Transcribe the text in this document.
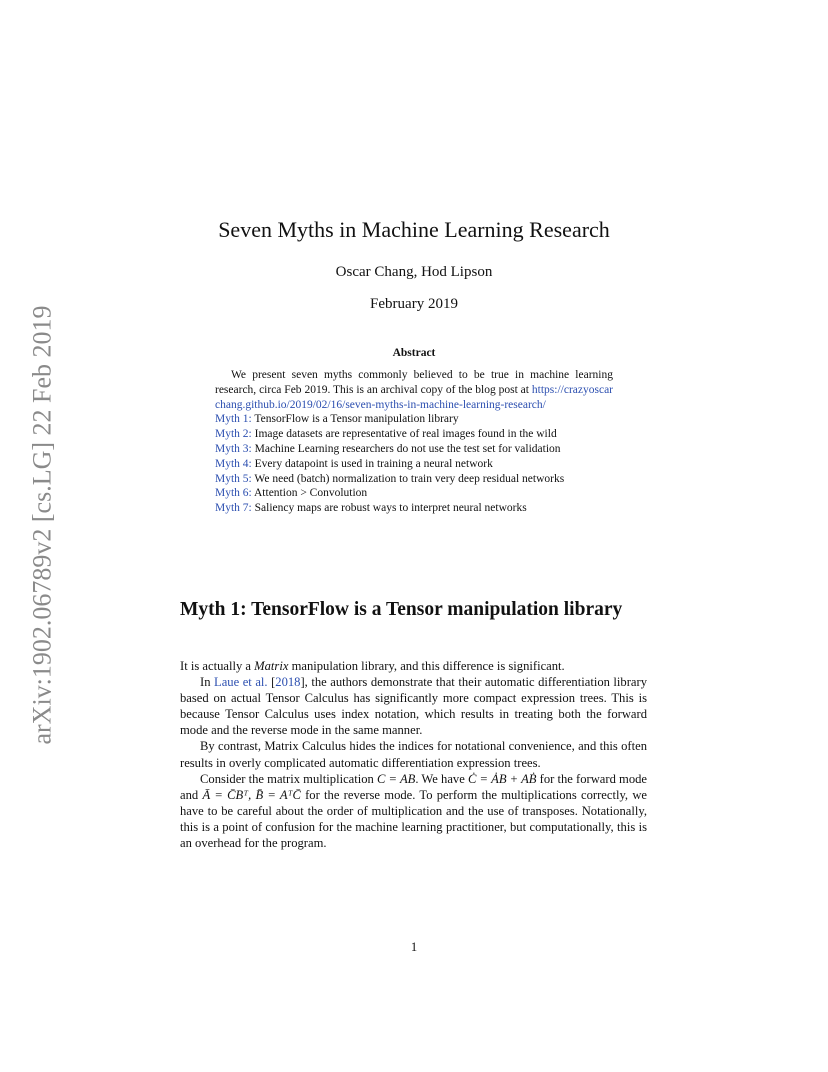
arXiv:1902.06789v2 [cs.LG] 22 Feb 2019
Seven Myths in Machine Learning Research
Oscar Chang, Hod Lipson
February 2019
Abstract

We present seven myths commonly believed to be true in machine learning research, circa Feb 2019. This is an archival copy of the blog post at https://crazyoscarchang.github.io/2019/02/16/seven-myths-in-machine-learning-research/

Myth 1: TensorFlow is a Tensor manipulation library

Myth 2: Image datasets are representative of real images found in the wild

Myth 3: Machine Learning researchers do not use the test set for validation

Myth 4: Every datapoint is used in training a neural network

Myth 5: We need (batch) normalization to train very deep residual networks

Myth 6: Attention > Convolution

Myth 7: Saliency maps are robust ways to interpret neural networks

Myth 1: TensorFlow is a Tensor manipulation library

It is actually a Matrix manipulation library, and this difference is significant.

In Laue et al. [2018], the authors demonstrate that their automatic differentiation library based on actual Tensor Calculus has significantly more compact expression trees. This is because Tensor Calculus uses index notation, which results in treating both the forward mode and the reverse mode in the same manner.

By contrast, Matrix Calculus hides the indices for notational convenience, and this often results in overly complicated automatic differentiation expression trees.

Consider the matrix multiplication C = AB. We have Ċ = ȦB + AḂ for the forward mode and Ā = C̄Bᵀ, B̄ = AᵀC̄ for the reverse mode. To perform the multiplications correctly, we have to be careful about the order of multiplication and the use of transposes. Notationally, this is a point of confusion for the machine learning practitioner, but computationally, this is an overhead for the program.

1
